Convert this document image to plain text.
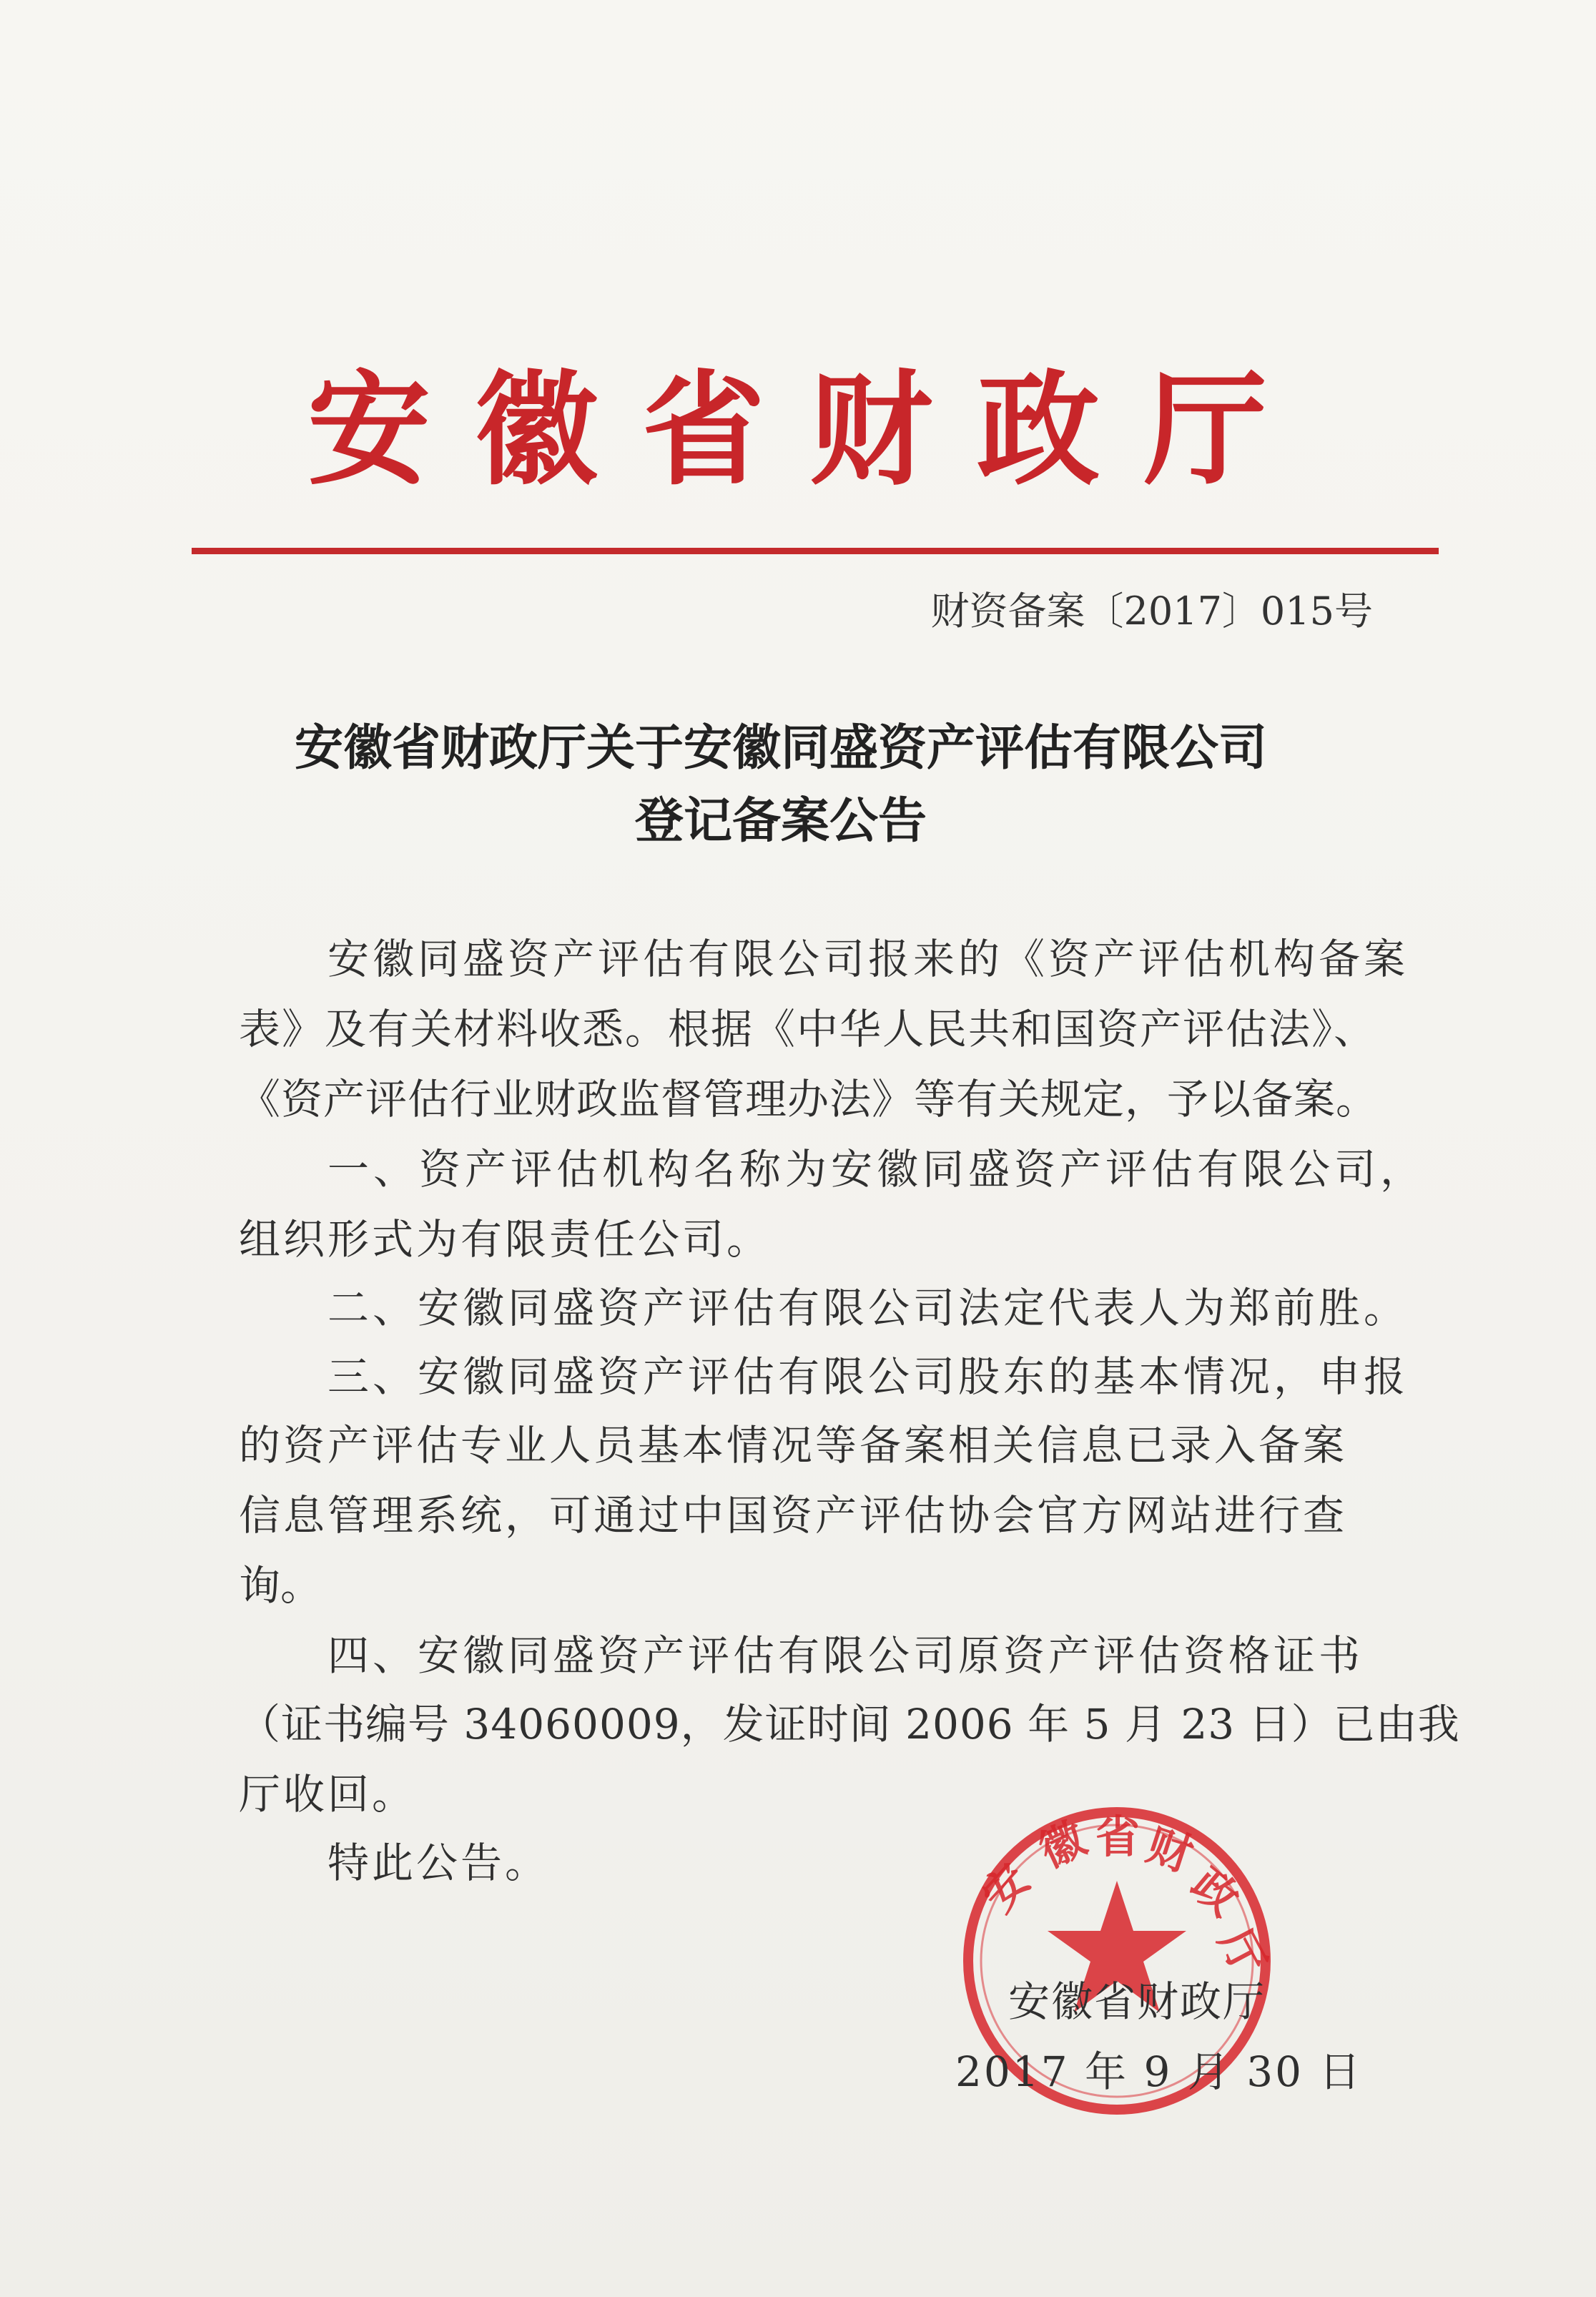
安徽省财政厅
财资备案〔2017〕015号
安徽省财政厅关于安徽同盛资产评估有限公司
登记备案公告
安徽同盛资产评估有限公司报来的《资产评估机构备案
表》及有关材料收悉。根据《中华人民共和国资产评估法》、
《资产评估行业财政监督管理办法》等有关规定，予以备案。
一、资产评估机构名称为安徽同盛资产评估有限公司，
组织形式为有限责任公司。
二、安徽同盛资产评估有限公司法定代表人为郑前胜。
三、安徽同盛资产评估有限公司股东的基本情况，申报
的资产评估专业人员基本情况等备案相关信息已录入备案
信息管理系统，可通过中国资产评估协会官方网站进行查
询。
四、安徽同盛资产评估有限公司原资产评估资格证书
（证书编号 34060009，发证时间 2006 年 5 月 23 日）已由我
厅收回。
特此公告。	安
徽 省 财
政
厅
安徽省财政厅
2017 年 9 月 30 日
